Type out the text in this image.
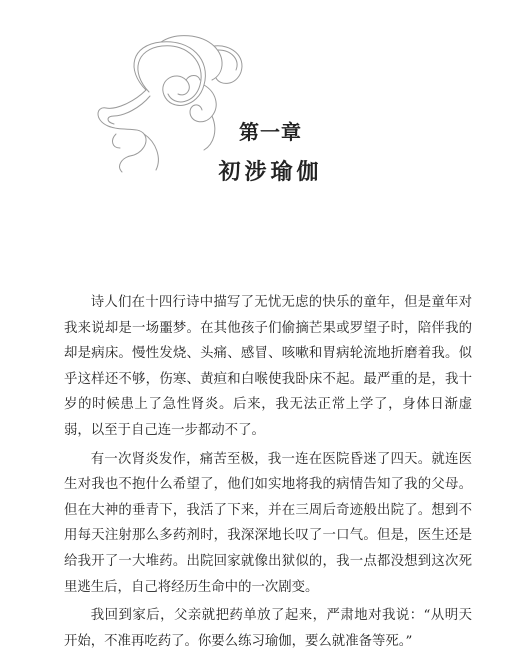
第一章
初涉瑜伽

诗人们在十四行诗中描写了无忧无虑的快乐的童年，但是童年对我来说却是一场噩梦。在其他孩子们偷摘芒果或罗望子时，陪伴我的却是病床。慢性发烧、头痛、感冒、咳嗽和胃病轮流地折磨着我。似乎这样还不够，伤寒、黄疸和白喉使我卧床不起。最严重的是，我十岁的时候患上了急性肾炎。后来，我无法正常上学了，身体日渐虚弱，以至于自己连一步都动不了。

有一次肾炎发作，痛苦至极，我一连在医院昏迷了四天。就连医生对我也不抱什么希望了，他们如实地将我的病情告知了我的父母。但在大神的垂青下，我活了下来，并在三周后奇迹般出院了。想到不用每天注射那么多药剂时，我深深地长叹了一口气。但是，医生还是给我开了一大堆药。出院回家就像出狱似的，我一点都没想到这次死里逃生后，自己将经历生命中的一次剧变。

我回到家后，父亲就把药单放了起来，严肃地对我说：“从明天开始，不准再吃药了。你要么练习瑜伽，要么就准备等死。”
